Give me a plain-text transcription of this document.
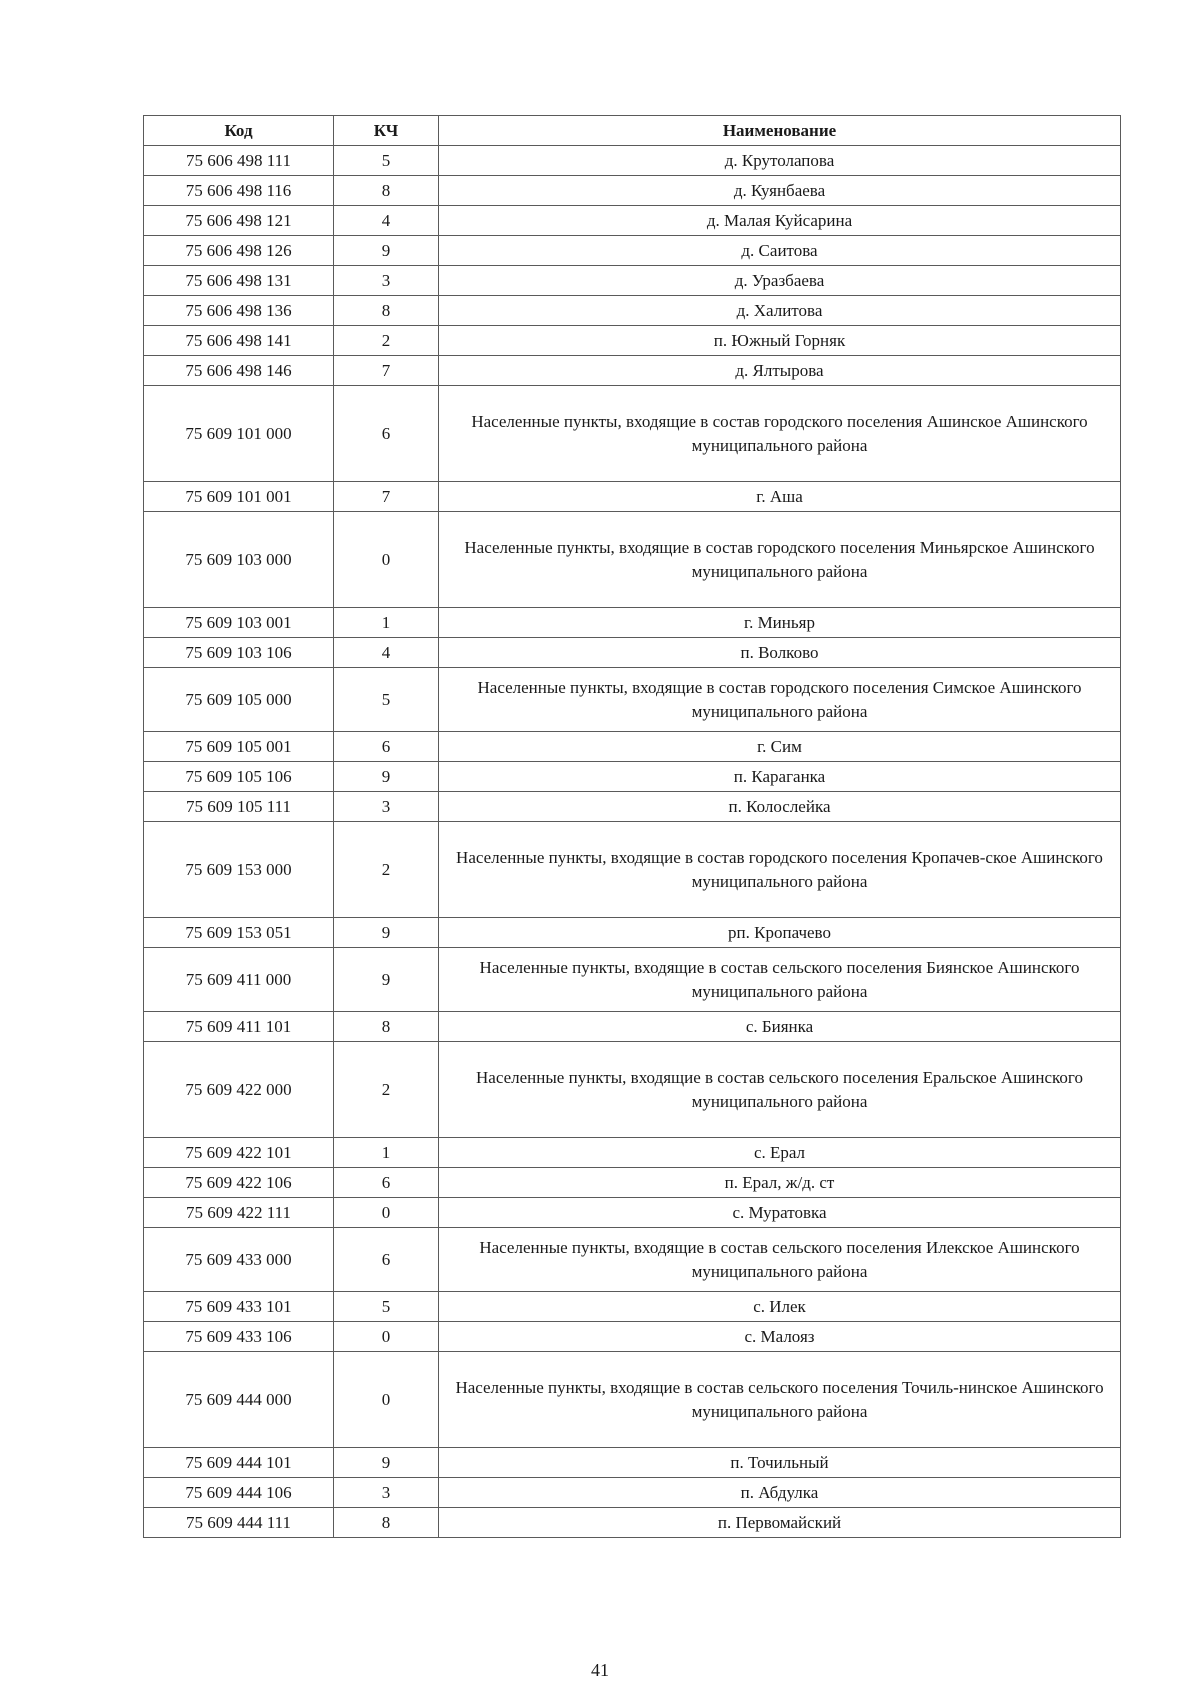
Код	КЧ	Наименование
75 606 498 111	5	д. Крутолапова
75 606 498 116	8	д. Куянбаева
75 606 498 121	4	д. Малая Куйсарина
75 606 498 126	9	д. Саитова
75 606 498 131	3	д. Уразбаева
75 606 498 136	8	д. Халитова
75 606 498 141	2	п. Южный Горняк
75 606 498 146	7	д. Ялтырова
75 609 101 000	6	Населенные пункты, входящие в состав городского поселения Ашинское Ашинского муниципального района
75 609 101 001	7	г. Аша
75 609 103 000	0	Населенные пункты, входящие в состав городского поселения Миньярское Ашинского муниципального района
75 609 103 001	1	г. Миньяр
75 609 103 106	4	п. Волково
75 609 105 000	5	Населенные пункты, входящие в состав городского поселения Симское Ашинского муниципального района
75 609 105 001	6	г. Сим
75 609 105 106	9	п. Караганка
75 609 105 111	3	п. Колослейка
75 609 153 000	2	Населенные пункты, входящие в состав городского поселения Кропачев-ское Ашинского муниципального района
75 609 153 051	9	рп. Кропачево
75 609 411 000	9	Населенные пункты, входящие в состав сельского поселения Биянское Ашинского муниципального района
75 609 411 101	8	с. Биянка
75 609 422 000	2	Населенные пункты, входящие в состав сельского поселения Еральское Ашинского муниципального района
75 609 422 101	1	с. Ерал
75 609 422 106	6	п. Ерал, ж/д. ст
75 609 422 111	0	с. Муратовка
75 609 433 000	6	Населенные пункты, входящие в состав сельского поселения Илекское Ашинского муниципального района
75 609 433 101	5	с. Илек
75 609 433 106	0	с. Малояз
75 609 444 000	0	Населенные пункты, входящие в состав сельского поселения Точиль-нинское Ашинского муниципального района
75 609 444 101	9	п. Точильный
75 609 444 106	3	п. Абдулка
75 609 444 111	8	п. Первомайский
41
